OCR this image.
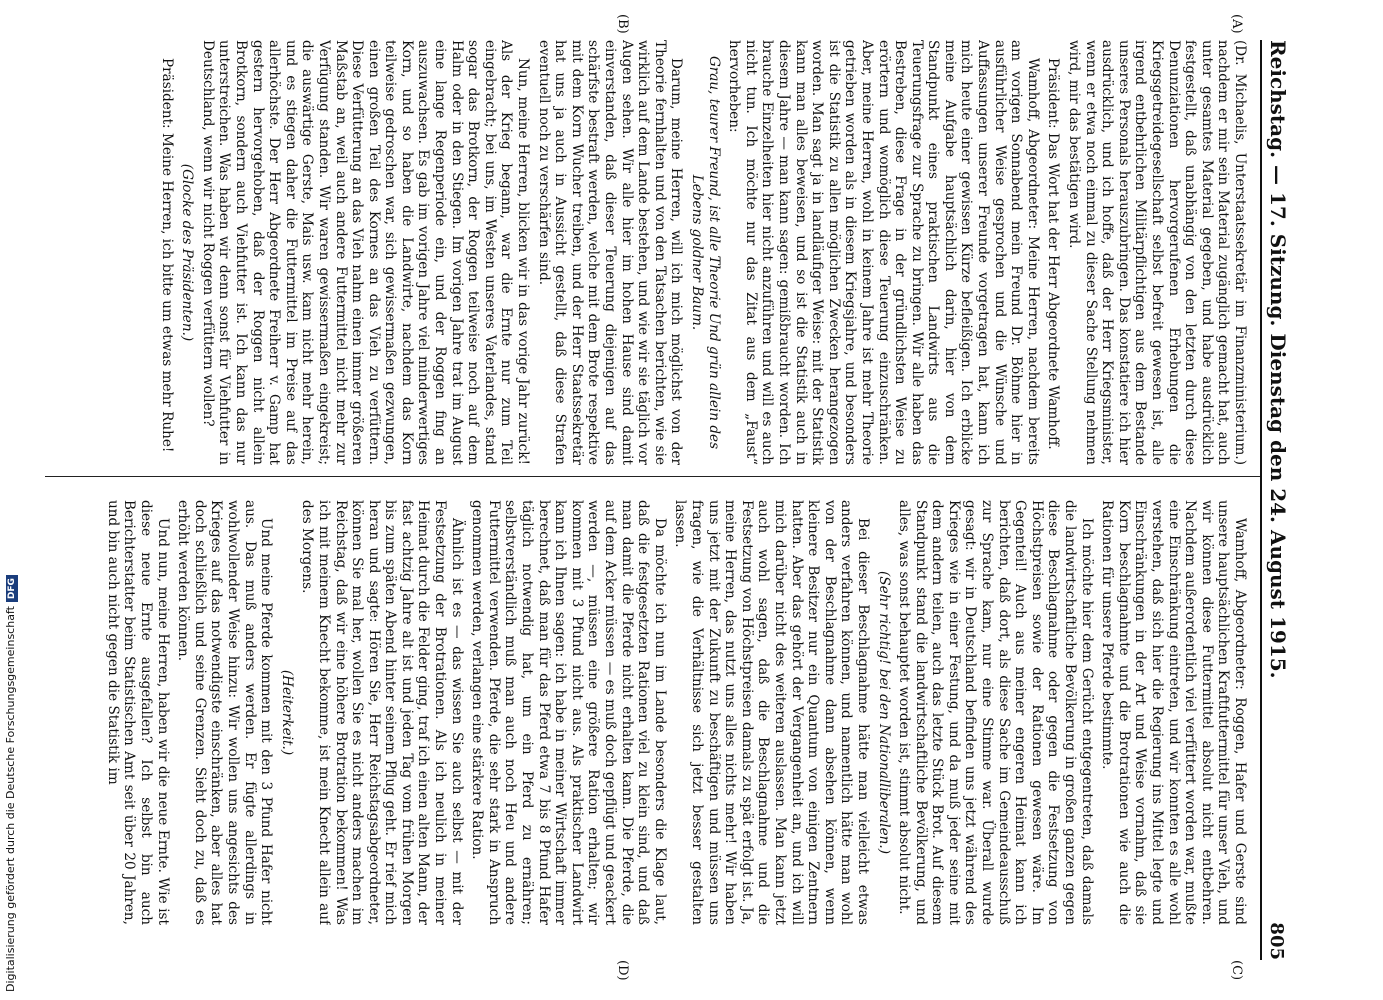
Reichstag. — 17. Sitzung. Dienstag den 24. August 1915.
805
(A)
(B)
(C)
(D)

(Dr. Michaelis, Unterstaatssekretär im Finanzministerium.) nachdem er mir sein Material zugänglich gemacht hat, auch unter gesamtes Material gegeben, und habe ausdrücklich festgestellt, daß unabhängig von den letzten durch diese Denunziationen hervorgerufenen Erhebungen die Kriegsgetreidegesellschaft selbst befreit gewesen ist, alle irgend entbehrlichen Militärpflichtigen aus dem Bestande unseres Personals herauszubringen. Das konstatiere ich hier ausdrücklich, und ich hoffe, daß der Herr Kriegsminister, wenn er etwa noch einmal zu dieser Sache Stellung nehmen wird, mir das bestätigen wird.

Präsident: Das Wort hat der Herr Abgeordnete Wamhoff.

Wamhoff, Abgeordneter: Meine Herren, nachdem bereits am vorigen Sonnabend mein Freund Dr. Böhme hier in ausführlicher Weise gesprochen und die Wünsche und Auffassungen unserer Freunde vorgetragen hat, kann ich mich heute einer gewissen Kürze befleißigen. Ich erblicke meine Aufgabe hauptsächlich darin, hier von dem Standpunkt eines praktischen Landwirts aus die Teuerungsfrage zur Sprache zu bringen. Wir alle haben das Bestreben, diese Frage in der gründlichsten Weise zu erörtern und womöglich diese Teuerung einzuschränken. Aber, meine Herren, wohl in keinem Jahre ist mehr Theorie getrieben worden als in diesem Kriegsjahre, und besonders ist die Statistik zu allen möglichen Zwecken herangezogen worden. Man sagt ja in landläufiger Weise: mit der Statistik kann man alles beweisen, und so ist die Statistik auch in diesem Jahre — man kann sagen: gemißbraucht worden. Ich brauche Einzelheiten hier nicht anzuführen und will es auch nicht tun. Ich möchte nur das Zitat aus dem „Faust“ hervorheben:

Grau, teurer Freund, ist alle Theorie Und grün allein des Lebens goldner Baum.

Darum, meine Herren, will ich mich möglichst von der Theorie fernhalten und von den Tatsachen berichten, wie sie wirklich auf dem Lande bestehen, und wie wir sie täglich vor Augen sehen. Wir alle hier im hohen Hause sind damit einverstanden, daß dieser Teuerung diejenigen auf das schärfste bestraft werden, welche mit dem Brote respektive mit dem Korn Wucher treiben, und der Herr Staatssekretär hat uns ja auch in Aussicht gestellt, daß diese Strafen eventuell noch zu verschärfen sind.

Nun, meine Herren, blicken wir in das vorige Jahr zurück! Als der Krieg begann, war die Ernte nur zum Teil eingebracht; bei uns, im Westen unseres Vaterlandes, stand sogar das Brotkorn, der Roggen teilweise noch auf dem Halm oder in den Stiegen. Im vorigen Jahre trat im August eine lange Regenperiode ein, und der Roggen fing an auszuwachsen. Es gab im vorigen Jahre viel minderwertiges Korn, und so haben die Landwirte, nachdem das Korn teilweise gedroschen war, sich gewissermaßen gezwungen, einen großen Teil des Kornes an das Vieh zu verfüttern. Diese Verfütterung an das Vieh nahm einen immer größeren Maßstab an, weil auch andere Futtermittel nicht mehr zur Verfügung standen. Wir waren gewissermaßen eingekreist; die auswärtige Gerste, Mais usw. kam nicht mehr herein, und es stiegen daher die Futtermittel im Preise auf das allerhöchste. Der Herr Abgeordnete Freiherr v. Gamp hat gestern hervorgehoben, daß der Roggen nicht allein Brotkorn, sondern auch Viehfutter ist. Ich kann das nur unterstreichen. Was haben wir denn sonst für Viehfutter in Deutschland, wenn wir nicht Roggen verfüttern wollen?

(Glocke des Präsidenten.)

Präsident: Meine Herren, ich bitte um etwas mehr Ruhe!

Wamhoff, Abgeordneter: Roggen, Hafer und Gerste sind unsere hauptsächlichen Kraftfuttermittel für unser Vieh, und wir können diese Futtermittel absolut nicht entbehren. Nachdem außerordentlich viel verfüttert worden war, mußte eine Einschränkung eintreten, und wir konnten es alle wohl verstehen, daß sich hier die Regierung ins Mittel legte und Einschränkungen in der Art und Weise vornahm, daß sie Korn beschlagnahmte und die Brotrationen wie auch die Rationen für unsere Pferde bestimmte.

Ich möchte hier dem Gerücht entgegentreten, daß damals die landwirtschaftliche Bevölkerung in großen ganzen gegen diese Beschlagnahme oder gegen die Festsetzung von Höchstpreisen sowie der Rationen gewesen wäre. Im Gegenteil! Auch aus meiner engeren Heimat kann ich berichten, daß dort, als diese Sache im Gemeindeausschuß zur Sprache kam, nur eine Stimme war. Überall wurde gesagt: wir in Deutschland befinden uns jetzt während des Krieges wie in einer Festung, und da muß jeder seine mit dem andern teilen, auch das letzte Stück Brot. Auf diesem Standpunkt stand die landwirtschaftliche Bevölkerung, und alles, was sonst behauptet worden ist, stimmt absolut nicht.

(Sehr richtig! bei den Nationalliberalen.)

Bei dieser Beschlagnahme hätte man vielleicht etwas anders verfahren können, und namentlich hätte man wohl von der Beschlagnahme dann absehen können, wenn kleinere Besitzer nur ein Quantum von einigen Zentnern hatten. Aber das gehört der Vergangenheit an, und ich will mich darüber nicht des weiteren auslassen. Man kann jetzt auch wohl sagen, daß die Beschlagnahme und die Festsetzung von Höchstpreisen damals zu spät erfolgt ist. Ja, meine Herren, das nutzt uns alles nichts mehr! Wir haben uns jetzt mit der Zukunft zu beschäftigen und müssen uns fragen, wie die Verhältnisse sich jetzt besser gestalten lassen.

Da möchte ich nun im Lande besonders die Klage laut, daß die festgesetzten Rationen viel zu klein sind, und daß man damit die Pferde nicht erhalten kann. Die Pferde, die auf dem Acker müssen — es muß doch gepflügt und geackert werden —, müssen eine größere Ration erhalten; wir kommen mit 3 Pfund nicht aus. Als praktischer Landwirt kann ich Ihnen sagen: ich habe in meiner Wirtschaft immer berechnet, daß man für das Pferd etwa 7 bis 8 Pfund Hafer täglich notwendig hat, um ein Pferd zu ernähren; selbstverständlich muß man auch noch Heu und andere Futtermittel verwenden. Pferde, die sehr stark in Anspruch genommen werden, verlangen eine stärkere Ration.

Ähnlich ist es — das wissen Sie auch selbst — mit der Festsetzung der Brotrationen. Als ich neulich in meiner Heimat durch die Felder ging, traf ich einen alten Mann, der fast achtzig Jahre alt ist und jeden Tag vom frühen Morgen bis zum späten Abend hinter seinem Pflug geht. Er rief mich heran und sagte: Hören Sie, Herr Reichstagsabgeordneter, können Sie mal her, wollen Sie es nicht anders machen im Reichstag, daß wir eine höhere Brotration bekommen! Was ich mit meinem Knecht bekomme, ist mein Knecht allein auf des Morgens.

(Heiterkeit.)

Und meine Pferde kommen mit den 3 Pfund Hafer nicht aus. Das muß anders werden. Er fügte allerdings in wohlwollender Weise hinzu: Wir wollen uns angesichts des Krieges auf das notwendigste einschränken, aber alles hat doch schließlich und seine Grenzen. Sieht doch zu, daß es erhöht werden können.

Und nun, meine Herren, haben wir die neue Ernte. Wie ist diese neue Ernte ausgefallen? Ich selbst bin auch Berichterstatter beim Statistischen Amt seit über 20 Jahren, und bin auch nicht gegen die Statistik im

Digitalisierung gefördert durch die Deutsche ForschungsgemeinschaftDFG
